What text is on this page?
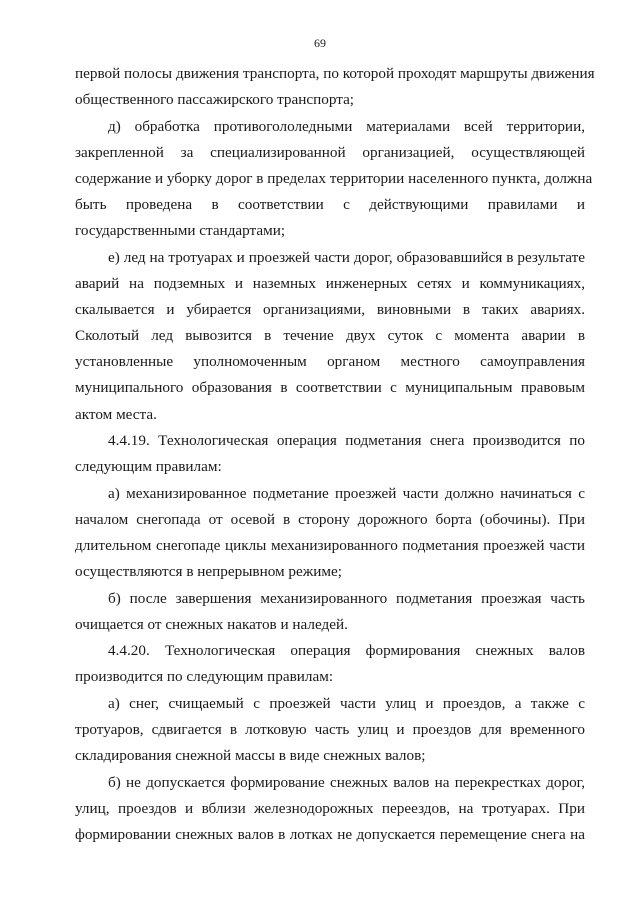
69
первой полосы движения транспорта, по которой проходят маршруты движения
общественного пассажирского транспорта;
д) обработка противогололедными материалами всей территории,
закрепленной за специализированной организацией, осуществляющей
содержание и уборку дорог в пределах территории населенного пункта, должна
быть проведена в соответствии с действующими правилами и
государственными стандартами;
е) лед на тротуарах и проезжей части дорог, образовавшийся в результате
аварий на подземных и наземных инженерных сетях и коммуникациях,
скалывается и убирается организациями, виновными в таких авариях.
Сколотый лед вывозится в течение двух суток с момента аварии в
установленные уполномоченным органом местного самоуправления
муниципального образования в соответствии с муниципальным правовым
актом места.
4.4.19. Технологическая операция подметания снега производится по
следующим правилам:
а) механизированное подметание проезжей части должно начинаться с
началом снегопада от осевой в сторону дорожного борта (обочины). При
длительном снегопаде циклы механизированного подметания проезжей части
осуществляются в непрерывном режиме;
б) после завершения механизированного подметания проезжая часть
очищается от снежных накатов и наледей.
4.4.20. Технологическая операция формирования снежных валов
производится по следующим правилам:
а) снег, счищаемый с проезжей части улиц и проездов, а также с
тротуаров, сдвигается в лотковую часть улиц и проездов для временного
складирования снежной массы в виде снежных валов;
б) не допускается формирование снежных валов на перекрестках дорог,
улиц, проездов и вблизи железнодорожных переездов, на тротуарах. При
формировании снежных валов в лотках не допускается перемещение снега на
